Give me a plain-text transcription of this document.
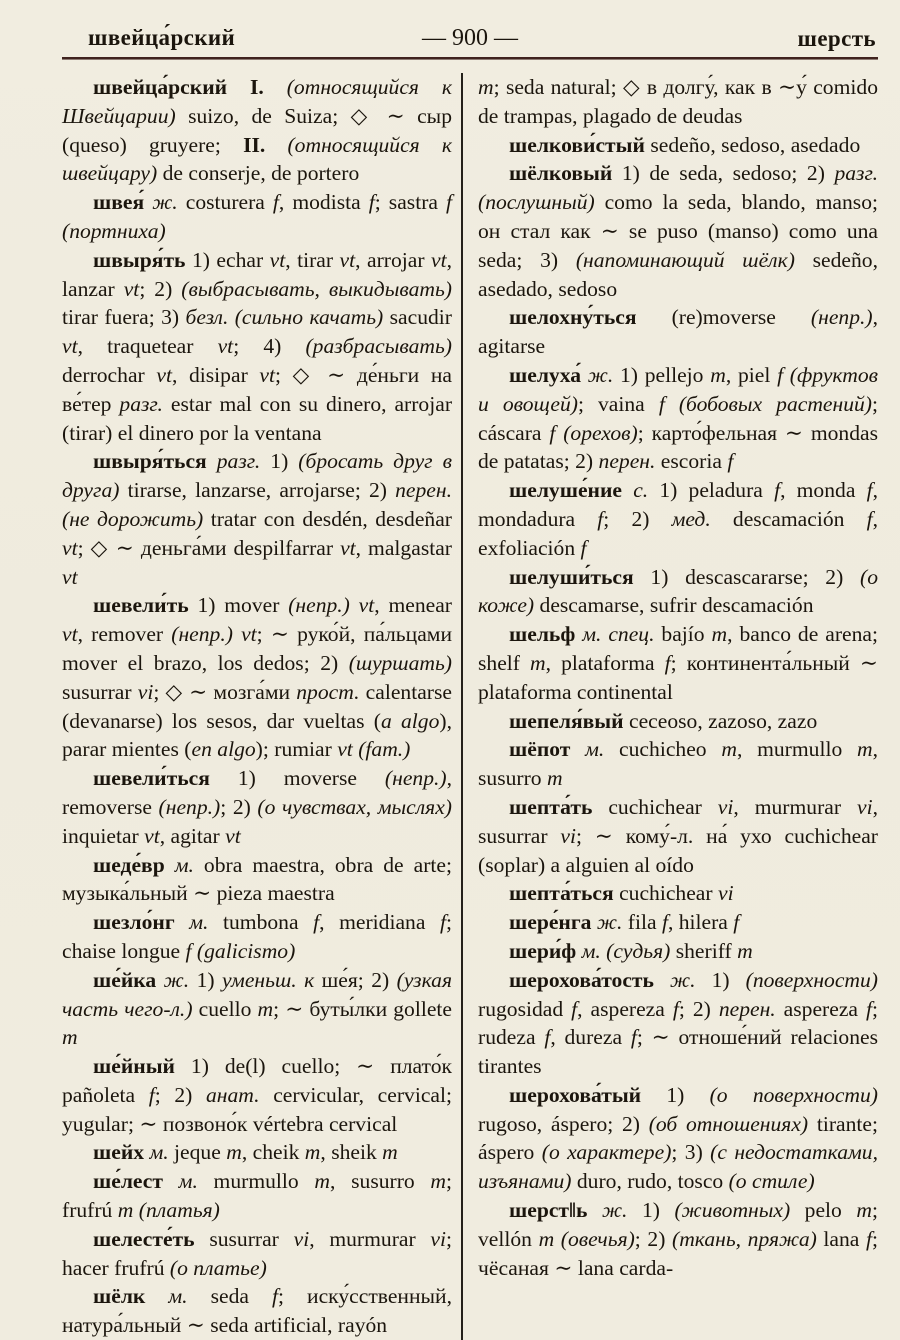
швейца́рский	— 900 —	шерсть

швейца́рский I. (относящийся к Швейцарии) suizo, de Suiza; ◇ ∼ сыр (queso) gruyere; II. (относящийся к швейцару) de conserje, de portero

швея́ ж. costurera f, modista f; sastra f (портниха)

швыря́ть 1) echar vt, tirar vt, arrojar vt, lanzar vt; 2) (выбрасывать, выкидывать) tirar fuera; 3) безл. (сильно качать) sacudir vt, traquetear vt; 4) (разбрасывать) derrochar vt, disipar vt; ◇ ∼ де́ньги на ве́тер разг. estar mal con su dinero, arrojar (tirar) el dinero por la ventana

швыря́ться разг. 1) (бросать друг в друга) tirarse, lanzarse, arrojarse; 2) перен. (не дорожить) tratar con desdén, desdeñar vt; ◇ ∼ деньга́ми despilfarrar vt, malgastar vt

шевели́ть 1) mover (непр.) vt, menear vt, remover (непр.) vt; ∼ руко́й, па́льцами mover el brazo, los dedos; 2) (шуршать) susurrar vi; ◇ ∼ мозга́ми прост. calentarse (devanarse) los sesos, dar vueltas (a algo), parar mientes (en algo); rumiar vt (fam.)

шевели́ться 1) moverse (непр.), removerse (непр.); 2) (о чувствах, мыслях) inquietar vt, agitar vt

шеде́вр м. obra maestra, obra de arte; музыка́льный ∼ pieza maestra

шезло́нг м. tumbona f, meridiana f; chaise longue f (galicismo)

ше́йка ж. 1) уменьш. к ше́я; 2) (узкая часть чего-л.) cuello m; ∼ буты́лки gollete m

ше́йный 1) de(l) cuello; ∼ плато́к pañoleta f; 2) анат. cervicular, cervical; yugular; ∼ позвоно́к vértebra cervical

шейх м. jeque m, cheik m, sheik m

ше́лест м. murmullo m, susurro m; frufrú m (платья)

шелесте́ть susurrar vi, murmurar vi; hacer frufrú (о платье)

шёлк м. seda f; иску́сственный, натура́льный ∼ seda artificial, rayón

m; seda natural; ◇ в долгу́, как в ∼у́ comido de trampas, plagado de deudas

шелкови́стый sedeño, sedoso, asedado

шёлковый 1) de seda, sedoso; 2) разг. (послушный) como la seda, blando, manso; он стал как ∼ se puso (manso) como una seda; 3) (напоминающий шёлк) sedeño, asedado, sedoso

шелохну́ться (re)moverse (непр.), agitarse

шелуха́ ж. 1) pellejo m, piel f (фруктов и овощей); vaina f (бобовых растений); cáscara f (орехов); карто́фельная ∼ mondas de patatas; 2) перен. escoria f

шелуше́ние с. 1) peladura f, monda f, mondadura f; 2) мед. descamación f, exfoliación f

шелуши́ться 1) descascararse; 2) (о коже) descamarse, sufrir descamación

шельф м. спец. bajío m, banco de arena; shelf m, plataforma f; континента́льный ∼ plataforma continental

шепеля́вый ceceoso, zazoso, zazo

шёпот м. cuchicheo m, murmullo m, susurro m

шепта́ть cuchichear vi, murmurar vi, susurrar vi; ∼ кому́-л. на́ ухо cuchichear (soplar) a alguien al oído

шепта́ться cuchichear vi

шере́нга ж. fila f, hilera f

шери́ф м. (судья) sheriff m

шерохова́тость ж. 1) (поверхности) rugosidad f, aspereza f; 2) перен. aspereza f; rudeza f, dureza f; ∼ отноше́ний relaciones tirantes

шерохова́тый 1) (о поверхности) rugoso, áspero; 2) (об отношениях) tirante; áspero (о характере); 3) (с недостатками, изъянами) duro, rudo, tosco (о стиле)

шерст‖ь ж. 1) (животных) pelo m; vellón m (овечья); 2) (ткань, пряжа) lana f; чёсаная ∼ lana carda-
